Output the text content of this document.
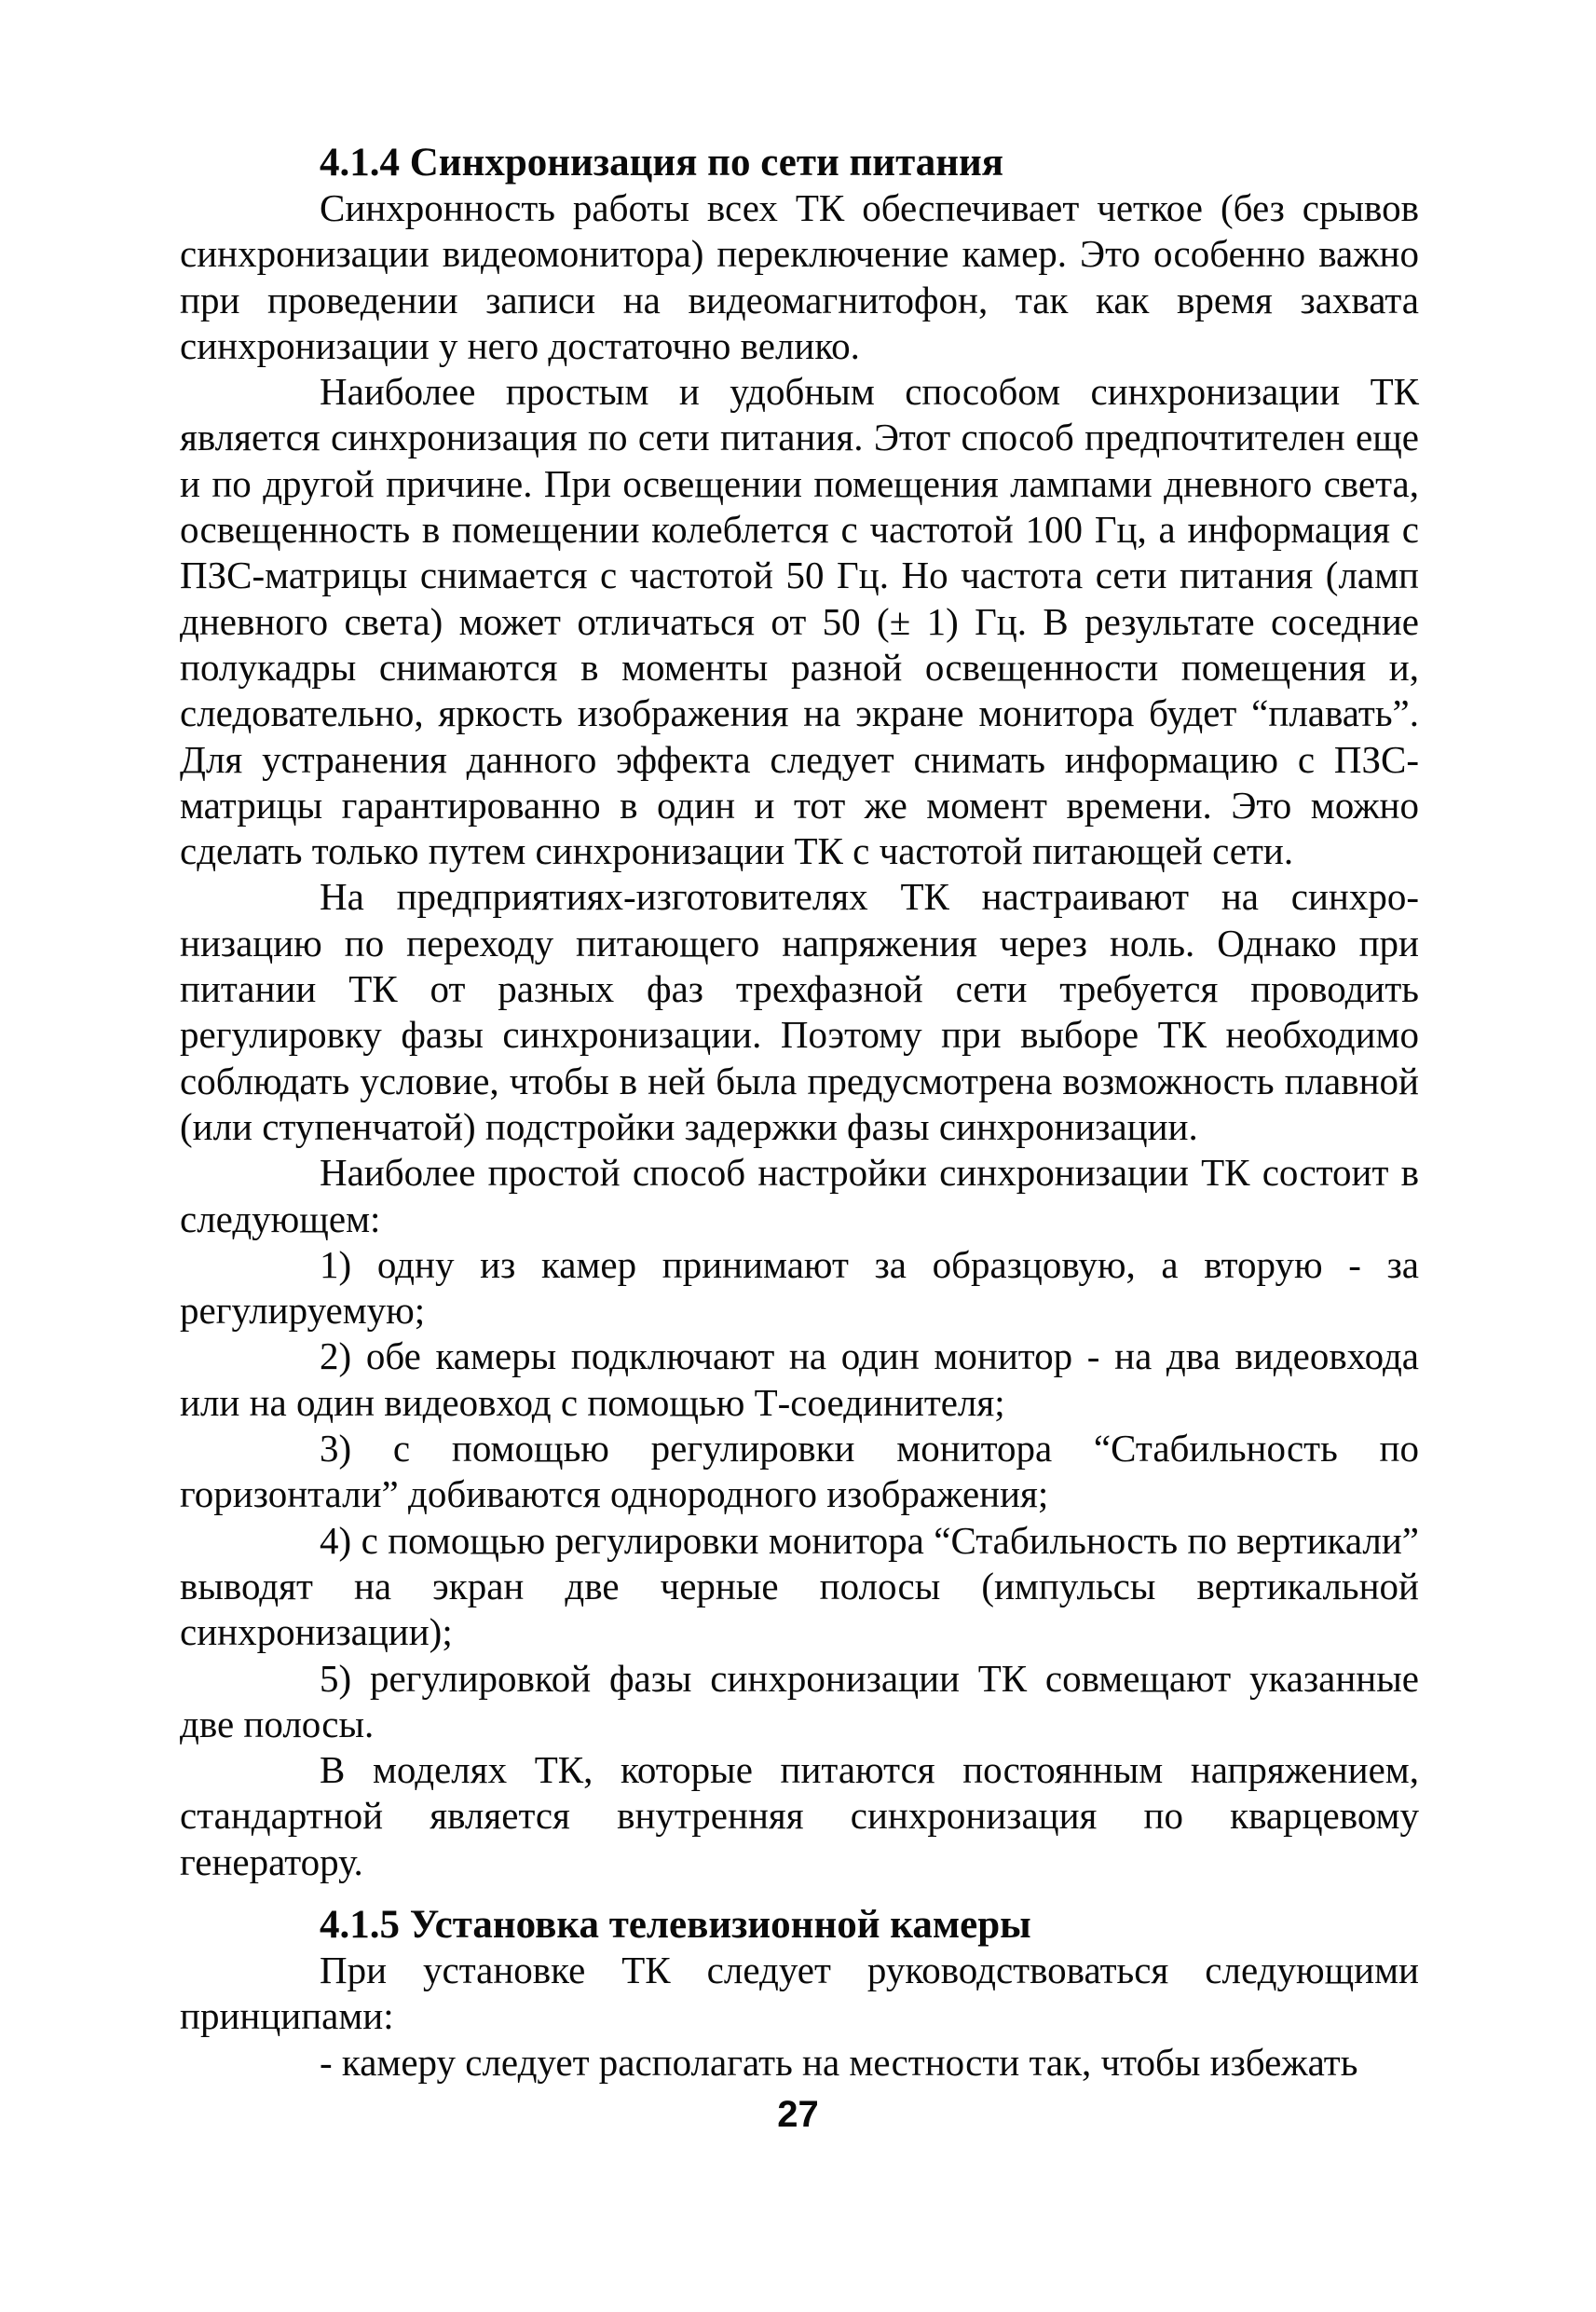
4.1.4 Синхронизация по сети питания

Синхронность работы всех ТК обеспечивает четкое (без срывов синхронизации видеомонитора) переключение камер. Это особенно важно при проведении записи на видеомагнитофон, так как время захвата синхронизации у него достаточно велико.

Наиболее простым и удобным способом синхронизации ТК является синхронизация по сети питания. Этот способ предпочтителен еще и по другой причине. При освещении помещения лампами дневного света, освещенность в помещении колеблется с частотой 100 Гц, а информация с ПЗС-матрицы снимается с частотой 50 Гц. Но частота сети питания (ламп дневного света) может отличаться от 50 (± 1) Гц. В результате соседние полукадры снимаются в моменты разной освещенности помещения и, следовательно, яркость изображения на экране монитора будет “плавать”. Для устранения данного эффекта следует снимать информацию с ПЗС-матрицы гарантированно в один и тот же момент времени. Это можно сделать только путем синхронизации ТК с частотой питающей сети.

На предприятиях-изготовителях ТК настраивают на синхронизацию по переходу питающего напряжения через ноль. Однако при питании ТК от разных фаз трехфазной сети требуется проводить регулировку фазы синхронизации. Поэтому при выборе ТК необходимо соблюдать условие, чтобы в ней была предусмотрена возможность плавной (или ступенчатой) подстройки задержки фазы синхронизации.

Наиболее простой способ настройки синхронизации ТК состоит в следующем:

1) одну из камер принимают за образцовую, а вторую - за регулируемую;

2) обе камеры подключают на один монитор - на два видеовхода или на один видеовход с помощью Т-соединителя;

3) с помощью регулировки монитора “Стабильность по горизонтали” добиваются однородного изображения;

4) с помощью регулировки монитора “Стабильность по вертикали” выводят на экран две черные полосы (импульсы вертикальной синхронизации);

5) регулировкой фазы синхронизации ТК совмещают указанные две полосы.

В моделях ТК, которые питаются постоянным напряжением, стандартной является внутренняя синхронизация по кварцевому генератору.

4.1.5 Установка телевизионной камеры

При установке ТК следует руководствоваться следующими принципами:

- камеру следует располагать на местности так, чтобы избежать

27
